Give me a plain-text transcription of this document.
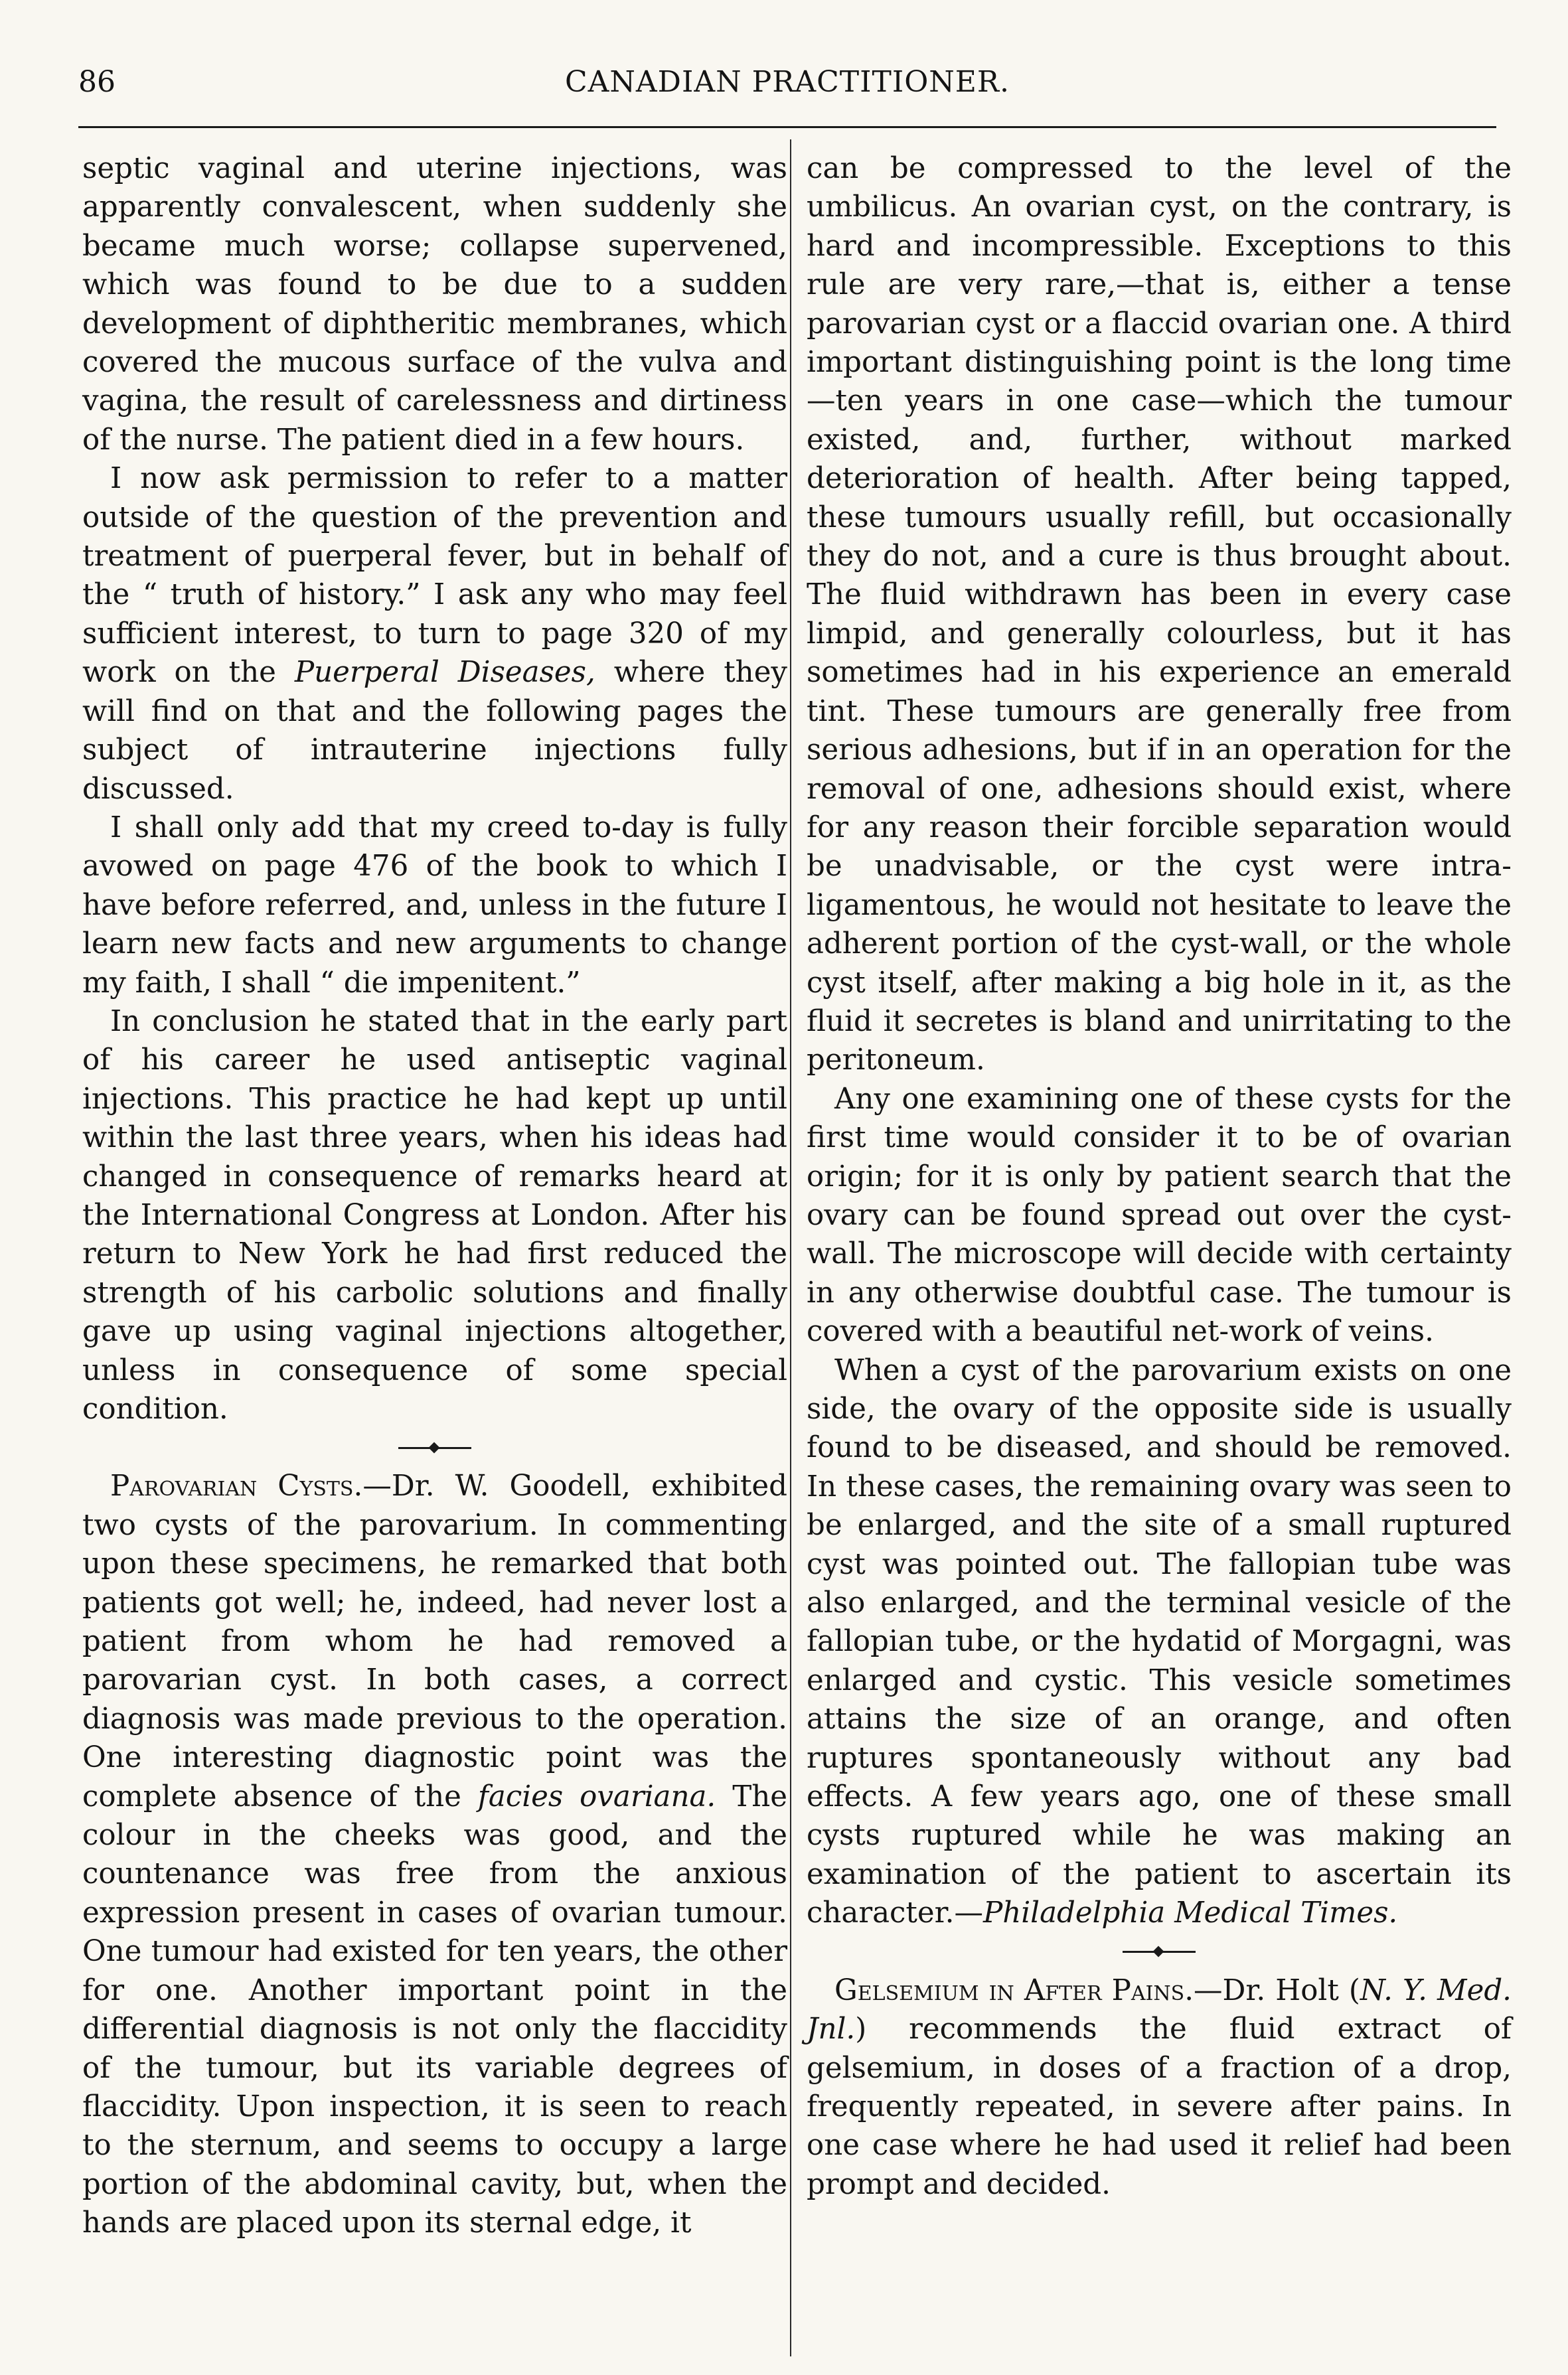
86	CANADIAN PRACTITIONER.

septic vaginal and uterine injections, was apparently convalescent, when suddenly she became much worse; collapse supervened, which was found to be due to a sudden development of diphtheritic membranes, which covered the mucous surface of the vulva and vagina, the result of carelessness and dirtiness of the nurse. The patient died in a few hours.

I now ask permission to refer to a matter outside of the question of the prevention and treatment of puerperal fever, but in behalf of the “ truth of history.” I ask any who may feel sufficient interest, to turn to page 320 of my work on the Puerperal Diseases, where they will find on that and the following pages the subject of intrauterine injections fully discussed.

I shall only add that my creed to-day is fully avowed on page 476 of the book to which I have before referred, and, unless in the future I learn new facts and new arguments to change my faith, I shall “ die impenitent.”

In conclusion he stated that in the early part of his career he used antiseptic vaginal injections. This practice he had kept up until within the last three years, when his ideas had changed in consequence of remarks heard at the International Congress at London. After his return to New York he had first reduced the strength of his carbolic solutions and finally gave up using vaginal injections altogether, unless in consequence of some special condition.

Parovarian Cysts.—Dr. W. Goodell, exhibited two cysts of the parovarium. In commenting upon these specimens, he remarked that both patients got well; he, indeed, had never lost a patient from whom he had removed a parovarian cyst. In both cases, a correct diagnosis was made previous to the operation. One interesting diagnostic point was the complete absence of the facies ovariana. The colour in the cheeks was good, and the countenance was free from the anxious expression present in cases of ovarian tumour. One tumour had existed for ten years, the other for one. Another important point in the differential diagnosis is not only the flaccidity of the tumour, but its variable degrees of flaccidity. Upon inspection, it is seen to reach to the sternum, and seems to occupy a large portion of the abdominal cavity, but, when the hands are placed upon its sternal edge, it

can be compressed to the level of the umbilicus. An ovarian cyst, on the contrary, is hard and incompressible. Exceptions to this rule are very rare,—that is, either a tense parovarian cyst or a flaccid ovarian one. A third important distinguishing point is the long time—ten years in one case—which the tumour existed, and, further, without marked deterioration of health. After being tapped, these tumours usually refill, but occasionally they do not, and a cure is thus brought about. The fluid withdrawn has been in every case limpid, and generally colourless, but it has sometimes had in his experience an emerald tint. These tumours are generally free from serious adhesions, but if in an operation for the removal of one, adhesions should exist, where for any reason their forcible separation would be unadvisable, or the cyst were intra-ligamentous, he would not hesitate to leave the adherent portion of the cyst-wall, or the whole cyst itself, after making a big hole in it, as the fluid it secretes is bland and unirritating to the peritoneum.

Any one examining one of these cysts for the first time would consider it to be of ovarian origin; for it is only by patient search that the ovary can be found spread out over the cyst-wall. The microscope will decide with certainty in any otherwise doubtful case. The tumour is covered with a beautiful net-work of veins.

When a cyst of the parovarium exists on one side, the ovary of the opposite side is usually found to be diseased, and should be removed. In these cases, the remaining ovary was seen to be enlarged, and the site of a small ruptured cyst was pointed out. The fallopian tube was also enlarged, and the terminal vesicle of the fallopian tube, or the hydatid of Morgagni, was enlarged and cystic. This vesicle sometimes attains the size of an orange, and often ruptures spontaneously without any bad effects. A few years ago, one of these small cysts ruptured while he was making an examination of the patient to ascertain its character.—Philadelphia Medical Times.

Gelsemium in After Pains.—Dr. Holt (N. Y. Med. Jnl.) recommends the fluid extract of gelsemium, in doses of a fraction of a drop, frequently repeated, in severe after pains. In one case where he had used it relief had been prompt and decided.
